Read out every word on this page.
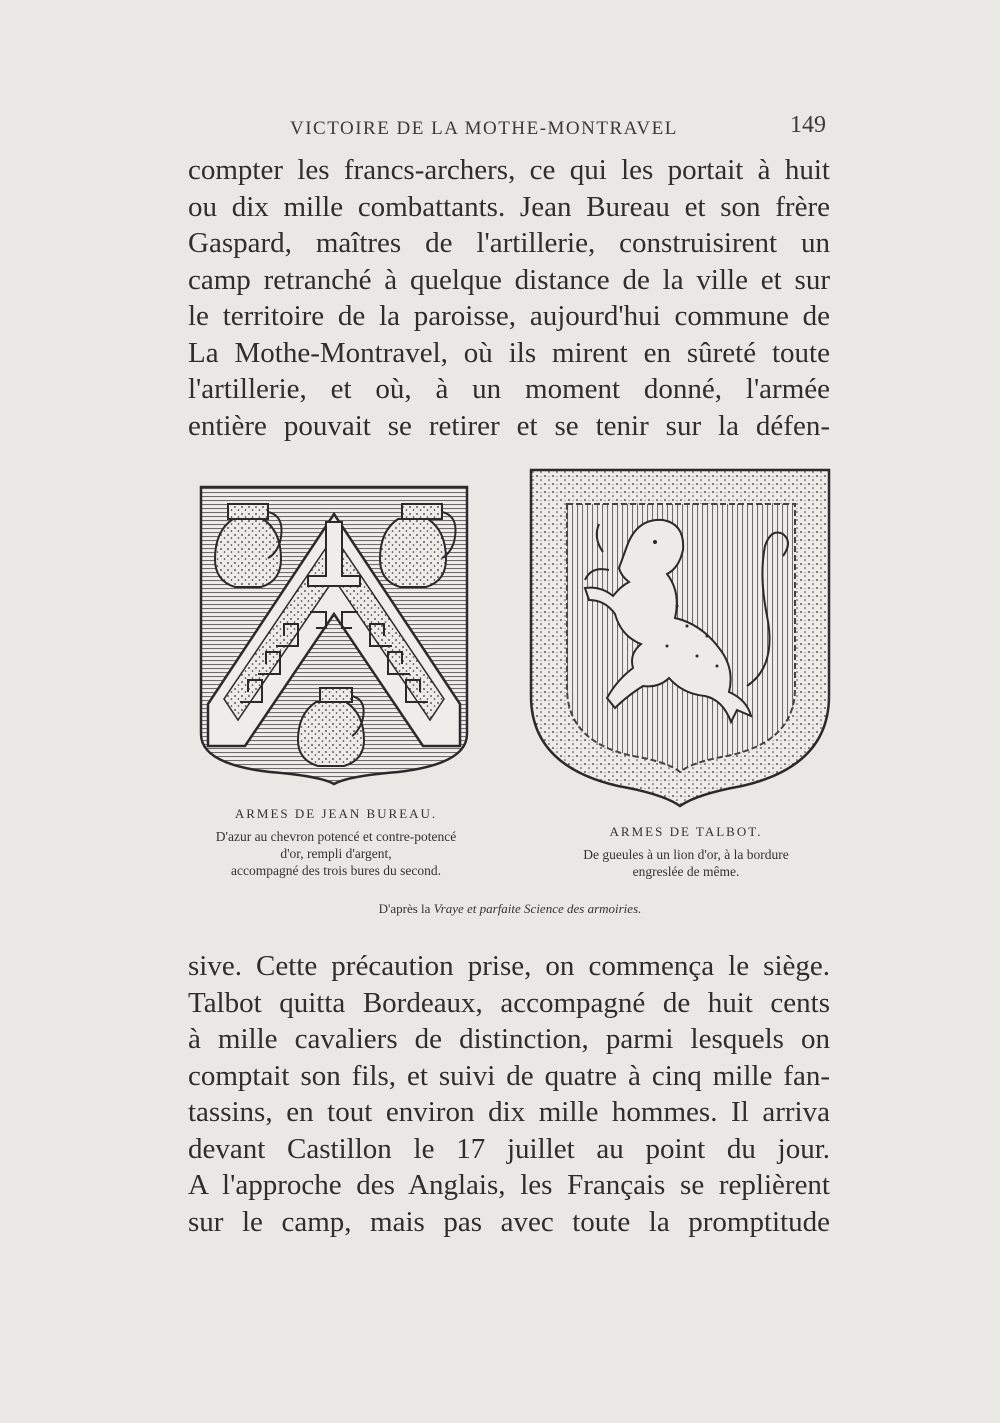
VICTOIRE DE LA MOTHE-MONTRAVEL	149
compter les francs-archers, ce qui les portait à huit
ou dix mille combattants. Jean Bureau et son frère
Gaspard, maîtres de l'artillerie, construisirent un
camp retranché à quelque distance de la ville et sur
le territoire de la paroisse, aujourd'hui commune de
La Mothe-Montravel, où ils mirent en sûreté toute
l'artillerie, et où, à un moment donné, l'armée
entière pouvait se retirer et se tenir sur la défen-
ARMES DE JEAN BUREAU.
D'azur au chevron potencé et contre-potencé
d'or, rempli d'argent,
accompagné des trois bures du second.
ARMES DE TALBOT.
De gueules à un lion d'or, à la bordure
engreslée de même.
D'après la Vraye et parfaite Science des armoiries.
sive. Cette précaution prise, on commença le siège.
Talbot quitta Bordeaux, accompagné de huit cents
à mille cavaliers de distinction, parmi lesquels on
comptait son fils, et suivi de quatre à cinq mille fan-
tassins, en tout environ dix mille hommes. Il arriva
devant Castillon le 17 juillet au point du jour.
A l'approche des Anglais, les Français se replièrent
sur le camp, mais pas avec toute la promptitude
